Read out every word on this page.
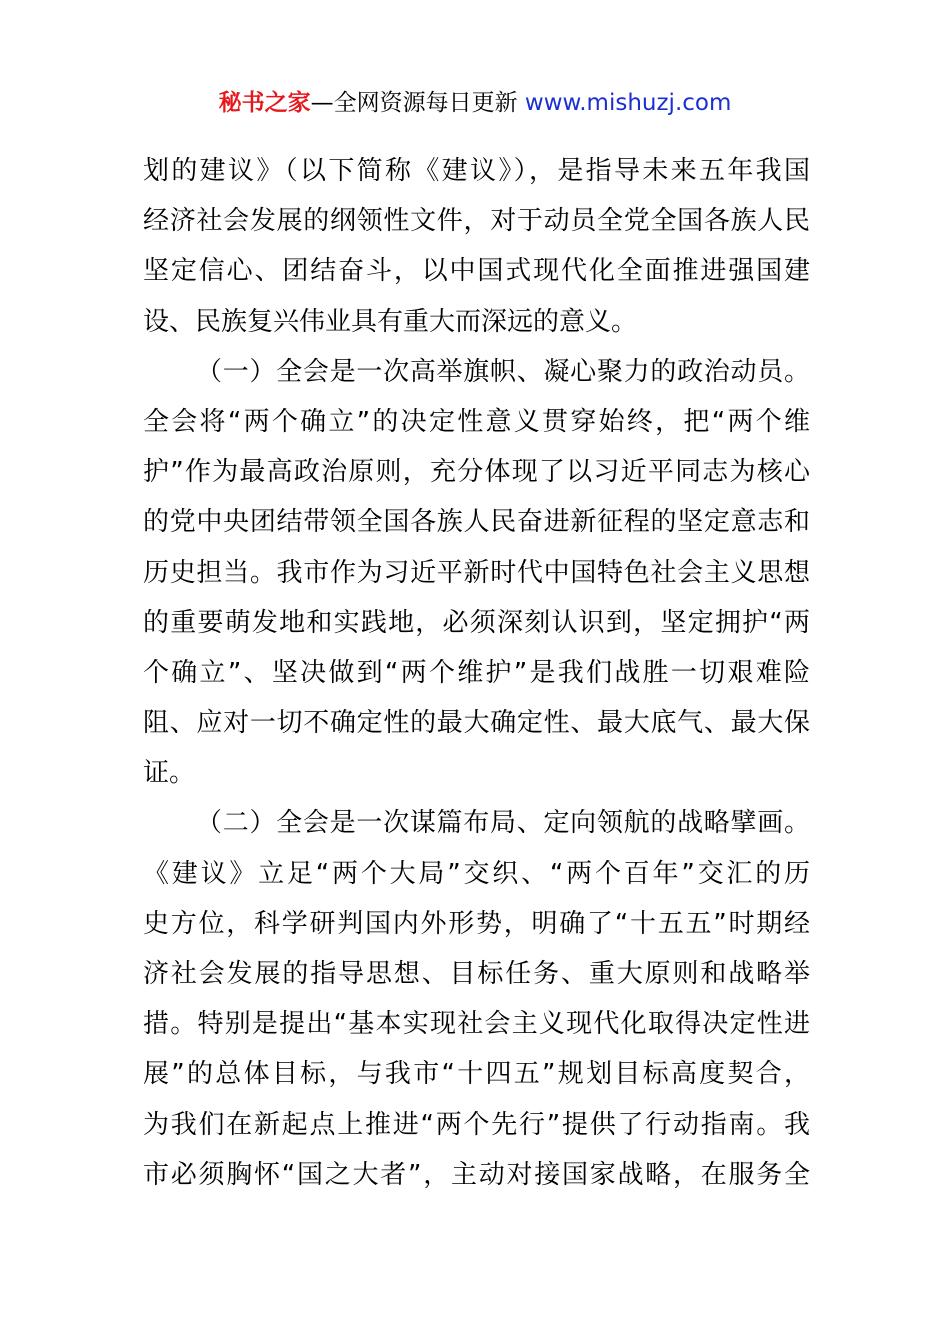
秘书之家—全网资源每日更新 www.mishuzj.com
划的建议》（以下简称《建议》），是指导未来五年我国
经济社会发展的纲领性文件，对于动员全党全国各族人民
坚定信心、团结奋斗，以中国式现代化全面推进强国建
设、民族复兴伟业具有重大而深远的意义。
（一）全会是一次高举旗帜、凝心聚力的政治动员。
全会将“两个确立”的决定性意义贯穿始终，把“两个维
护”作为最高政治原则，充分体现了以习近平同志为核心
的党中央团结带领全国各族人民奋进新征程的坚定意志和
历史担当。我市作为习近平新时代中国特色社会主义思想
的重要萌发地和实践地，必须深刻认识到，坚定拥护“两
个确立”、坚决做到“两个维护”是我们战胜一切艰难险
阻、应对一切不确定性的最大确定性、最大底气、最大保
证。
（二）全会是一次谋篇布局、定向领航的战略擘画。
《建议》立足“两个大局”交织、“两个百年”交汇的历
史方位，科学研判国内外形势，明确了“十五五”时期经
济社会发展的指导思想、目标任务、重大原则和战略举
措。特别是提出“基本实现社会主义现代化取得决定性进
展”的总体目标，与我市“十四五”规划目标高度契合，
为我们在新起点上推进“两个先行”提供了行动指南。我
市必须胸怀“国之大者”，主动对接国家战略，在服务全
